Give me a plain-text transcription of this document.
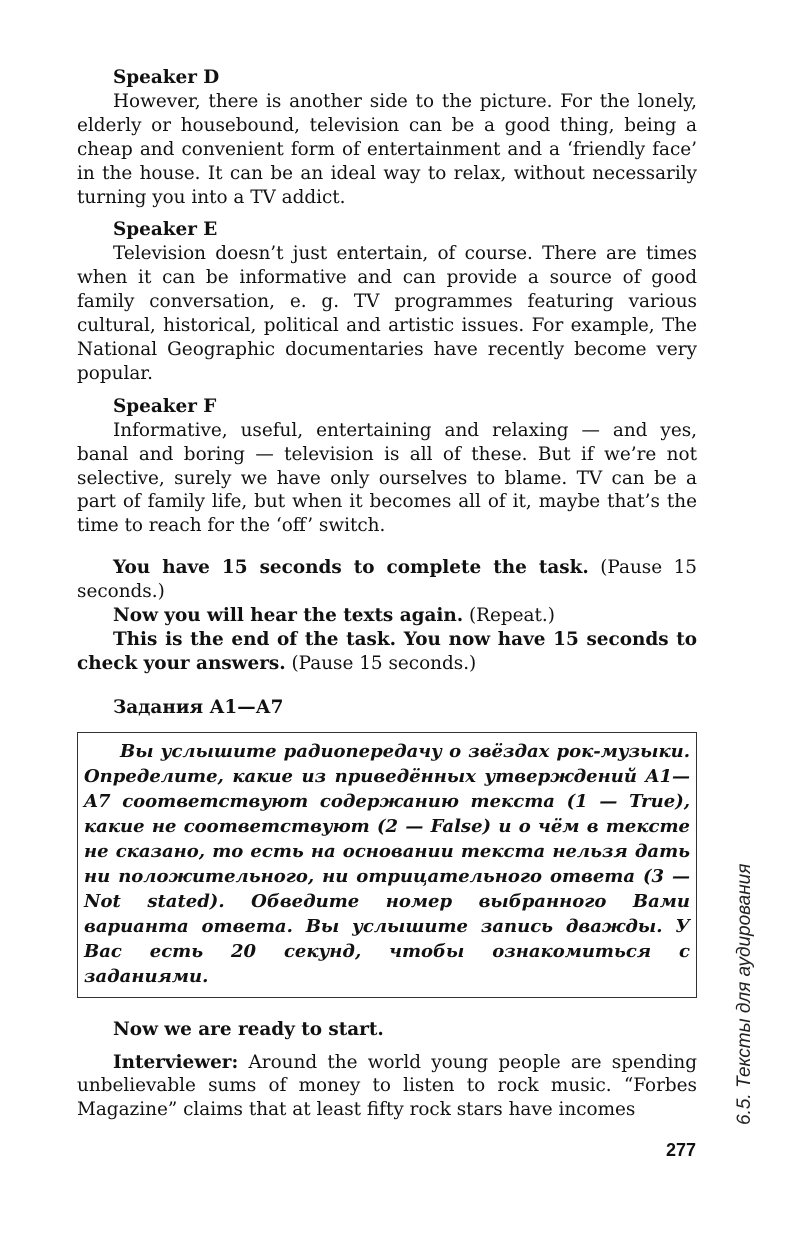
Speaker D

However, there is another side to the picture. For the lonely, elderly or housebound, television can be a good thing, being a cheap and convenient form of entertainment and a ‘friendly face’ in the house. It can be an ideal way to relax, without necessarily turning you into a TV addict.

Speaker E

Television doesn’t just entertain, of course. There are times when it can be informative and can provide a source of good family conversation, e. g. TV programmes featuring various cultural, historical, political and artistic issues. For example, The National Geographic documentaries have recently become very popular.

Speaker F

Informative, useful, entertaining and relaxing — and yes, banal and boring — television is all of these. But if we’re not selective, surely we have only ourselves to blame. TV can be a part of family life, but when it becomes all of it, maybe that’s the time to reach for the ‘off’ switch.

You have 15 seconds to complete the task. (Pause 15 seconds.)

Now you will hear the texts again. (Repeat.)

This is the end of the task. You now have 15 seconds to check your answers. (Pause 15 seconds.)

Задания А1—А7

Вы услышите радиопередачу о звёздах рок-музыки. Определите, какие из приведённых утверждений A1—A7 соответствуют содержанию текста (1 — True), какие не соответствуют (2 — False) и о чём в тексте не сказано, то есть на основании текста нельзя дать ни положительного, ни отрицательного ответа (3 — Not stated). Обведите номер выбранного Вами варианта ответа. Вы услышите запись дважды. У Вас есть 20 секунд, чтобы ознакомиться с заданиями.

Now we are ready to start.

Interviewer: Around the world young people are spending unbelievable sums of money to listen to rock music. “Forbes Magazine” claims that at least fifty rock stars have incomes

277
6.5. Тексты для аудирования
